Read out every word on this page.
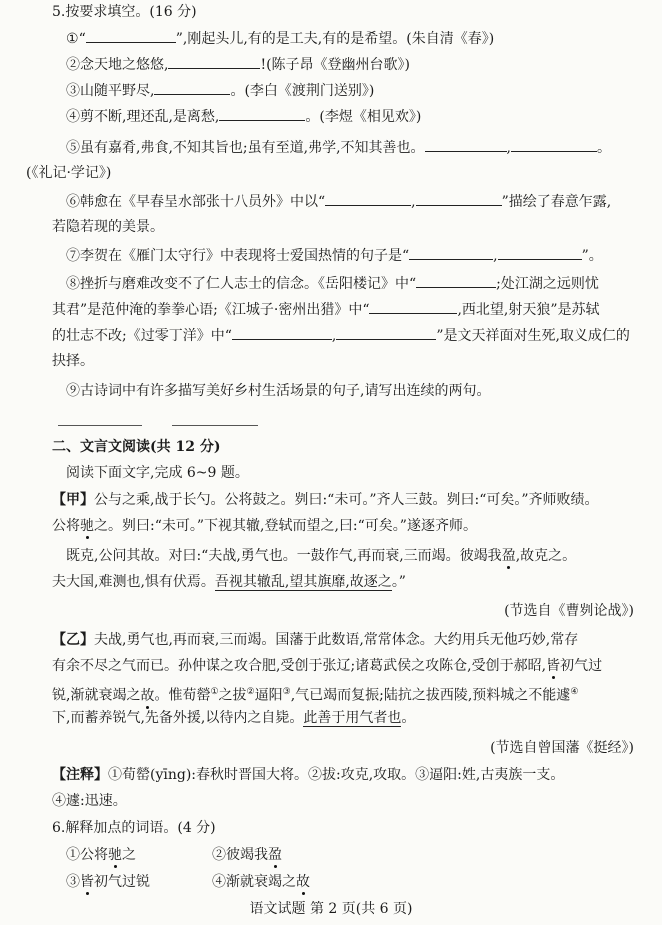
5.按要求填空。(16 分)
①“	”,刚起头儿,有的是工夫,有的是希望。(朱自清《春》)
②念天地之悠悠,	!(陈子昂《登幽州台歌》)
③山随平野尽,	。(李白《渡荆门送别》)
④剪不断,理还乱,是离愁,	。(李煜《相见欢》)
⑤虽有嘉肴,弗食,不知其旨也;虽有至道,弗学,不知其善也。	,	。
(《礼记·学记》)
⑥韩愈在《早春呈水部张十八员外》中以“	,	”描绘了春意乍露,
若隐若现的美景。
⑦李贺在《雁门太守行》中表现将士爱国热情的句子是“	,	”。
⑧挫折与磨难改变不了仁人志士的信念。《岳阳楼记》中“	;处江湖之远则忧
其君”是范仲淹的拳拳心语;《江城子·密州出猎》中“	,西北望,射天狼”是苏轼
的壮志不改;《过零丁洋》中“	,	”是文天祥面对生死,取义成仁的
抉择。
⑨古诗词中有许多描写美好乡村生活场景的句子,请写出连续的两句。
二、文言文阅读(共 12 分)
阅读下面文字,完成 6~9 题。
【甲】公与之乘,战于长勺。公将鼓之。刿曰:“未可。”齐人三鼓。刿曰:“可矣。”齐师败绩。
公将驰之。刿曰:“未可。”下视其辙,登轼而望之,曰:“可矣。”遂逐齐师。
既克,公问其故。对曰:“夫战,勇气也。一鼓作气,再而衰,三而竭。彼竭我盈,故克之。
夫大国,难测也,惧有伏焉。吾视其辙乱,望其旗靡,故逐之。”
(节选自《曹刿论战》)
【乙】夫战,勇气也,再而衰,三而竭。国藩于此数语,常常体念。大约用兵无他巧妙,常存
有余不尽之气而已。孙仲谋之攻合肥,受创于张辽;诸葛武侯之攻陈仓,受创于郝昭,皆初气过
锐,渐就衰竭之故。惟荀罃①之拔②逼阳③,气已竭而复振;陆抗之拔西陵,预料城之不能遽④
下,而蓄养锐气,先备外援,以待内之自毙。此善于用气者也。
(节选自曾国藩《挺经》)
【注释】①荀罃(yīng):春秋时晋国大将。②拔:攻克,攻取。③逼阳:姓,古夷族一支。
④遽:迅速。
6.解释加点的词语。(4 分)
①公将驰之	②彼竭我盈
③皆初气过锐	④渐就衰竭之故
语文试题 第 2 页(共 6 页)
